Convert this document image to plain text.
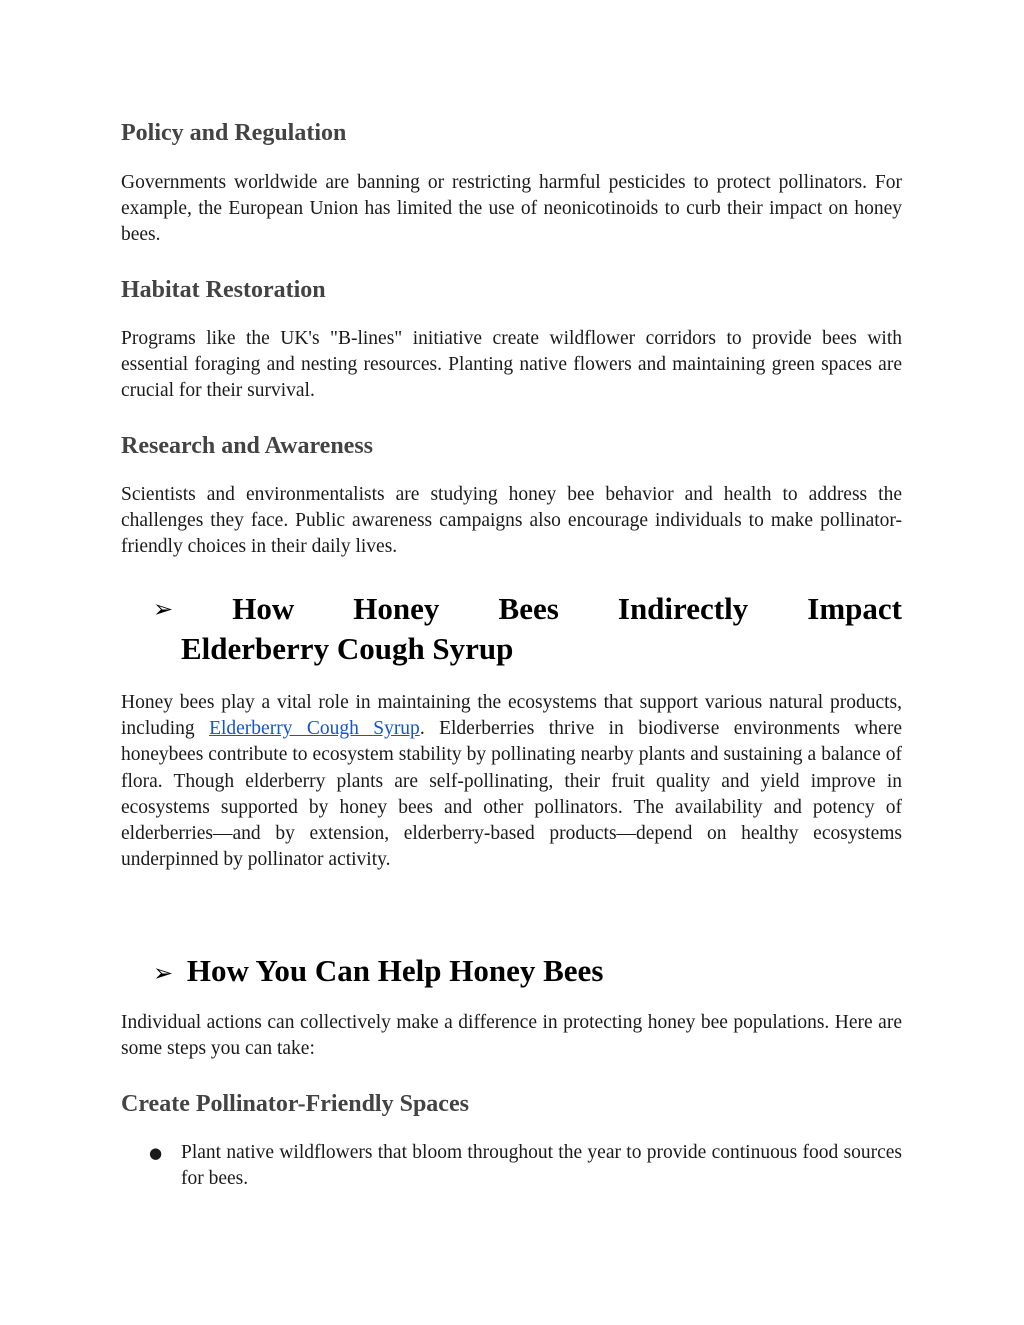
Policy and Regulation

Governments worldwide are banning or restricting harmful pesticides to protect pollinators. For example, the European Union has limited the use of neonicotinoids to curb their impact on honey bees.

Habitat Restoration

Programs like the UK's "B-lines" initiative create wildflower corridors to provide bees with essential foraging and nesting resources. Planting native flowers and maintaining green spaces are crucial for their survival.

Research and Awareness

Scientists and environmentalists are studying honey bee behavior and health to address the challenges they face. Public awareness campaigns also encourage individuals to make pollinator-friendly choices in their daily lives.

➢ How Honey Bees Indirectly Impact
Elderberry Cough Syrup

Honey bees play a vital role in maintaining the ecosystems that support various natural products, including Elderberry Cough Syrup. Elderberries thrive in biodiverse environments where honeybees contribute to ecosystem stability by pollinating nearby plants and sustaining a balance of flora. Though elderberry plants are self-pollinating, their fruit quality and yield improve in ecosystems supported by honey bees and other pollinators. The availability and potency of elderberries—and by extension, elderberry-based products—depend on healthy ecosystems underpinned by pollinator activity.

➢ How You Can Help Honey Bees

Individual actions can collectively make a difference in protecting honey bee populations. Here are some steps you can take:

Create Pollinator-Friendly Spaces
● Plant native wildflowers that bloom throughout the year to provide continuous food sources for bees.
